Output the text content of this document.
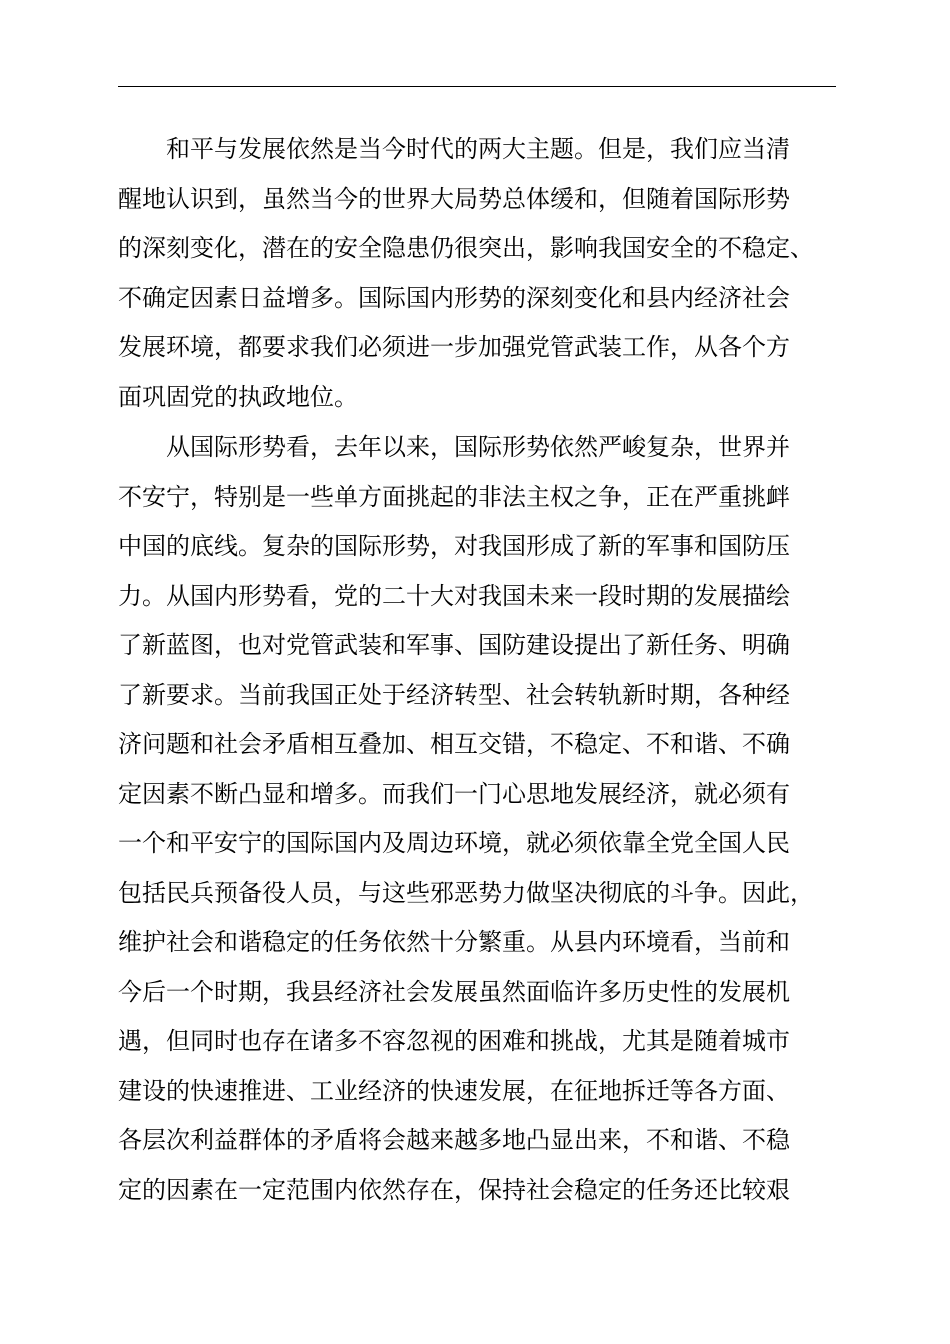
和平与发展依然是当今时代的两大主题。但是，我们应当清
醒地认识到，虽然当今的世界大局势总体缓和，但随着国际形势
的深刻变化，潜在的安全隐患仍很突出，影响我国安全的不稳定、
不确定因素日益增多。国际国内形势的深刻变化和县内经济社会
发展环境，都要求我们必须进一步加强党管武装工作，从各个方
面巩固党的执政地位。
从国际形势看，去年以来，国际形势依然严峻复杂，世界并
不安宁，特别是一些单方面挑起的非法主权之争，正在严重挑衅
中国的底线。复杂的国际形势，对我国形成了新的军事和国防压
力。从国内形势看，党的二十大对我国未来一段时期的发展描绘
了新蓝图，也对党管武装和军事、国防建设提出了新任务、明确
了新要求。当前我国正处于经济转型、社会转轨新时期，各种经
济问题和社会矛盾相互叠加、相互交错，不稳定、不和谐、不确
定因素不断凸显和增多。而我们一门心思地发展经济，就必须有
一个和平安宁的国际国内及周边环境，就必须依靠全党全国人民
包括民兵预备役人员，与这些邪恶势力做坚决彻底的斗争。因此，
维护社会和谐稳定的任务依然十分繁重。从县内环境看，当前和
今后一个时期，我县经济社会发展虽然面临许多历史性的发展机
遇，但同时也存在诸多不容忽视的困难和挑战，尤其是随着城市
建设的快速推进、工业经济的快速发展，在征地拆迁等各方面、
各层次利益群体的矛盾将会越来越多地凸显出来，不和谐、不稳
定的因素在一定范围内依然存在，保持社会稳定的任务还比较艰
